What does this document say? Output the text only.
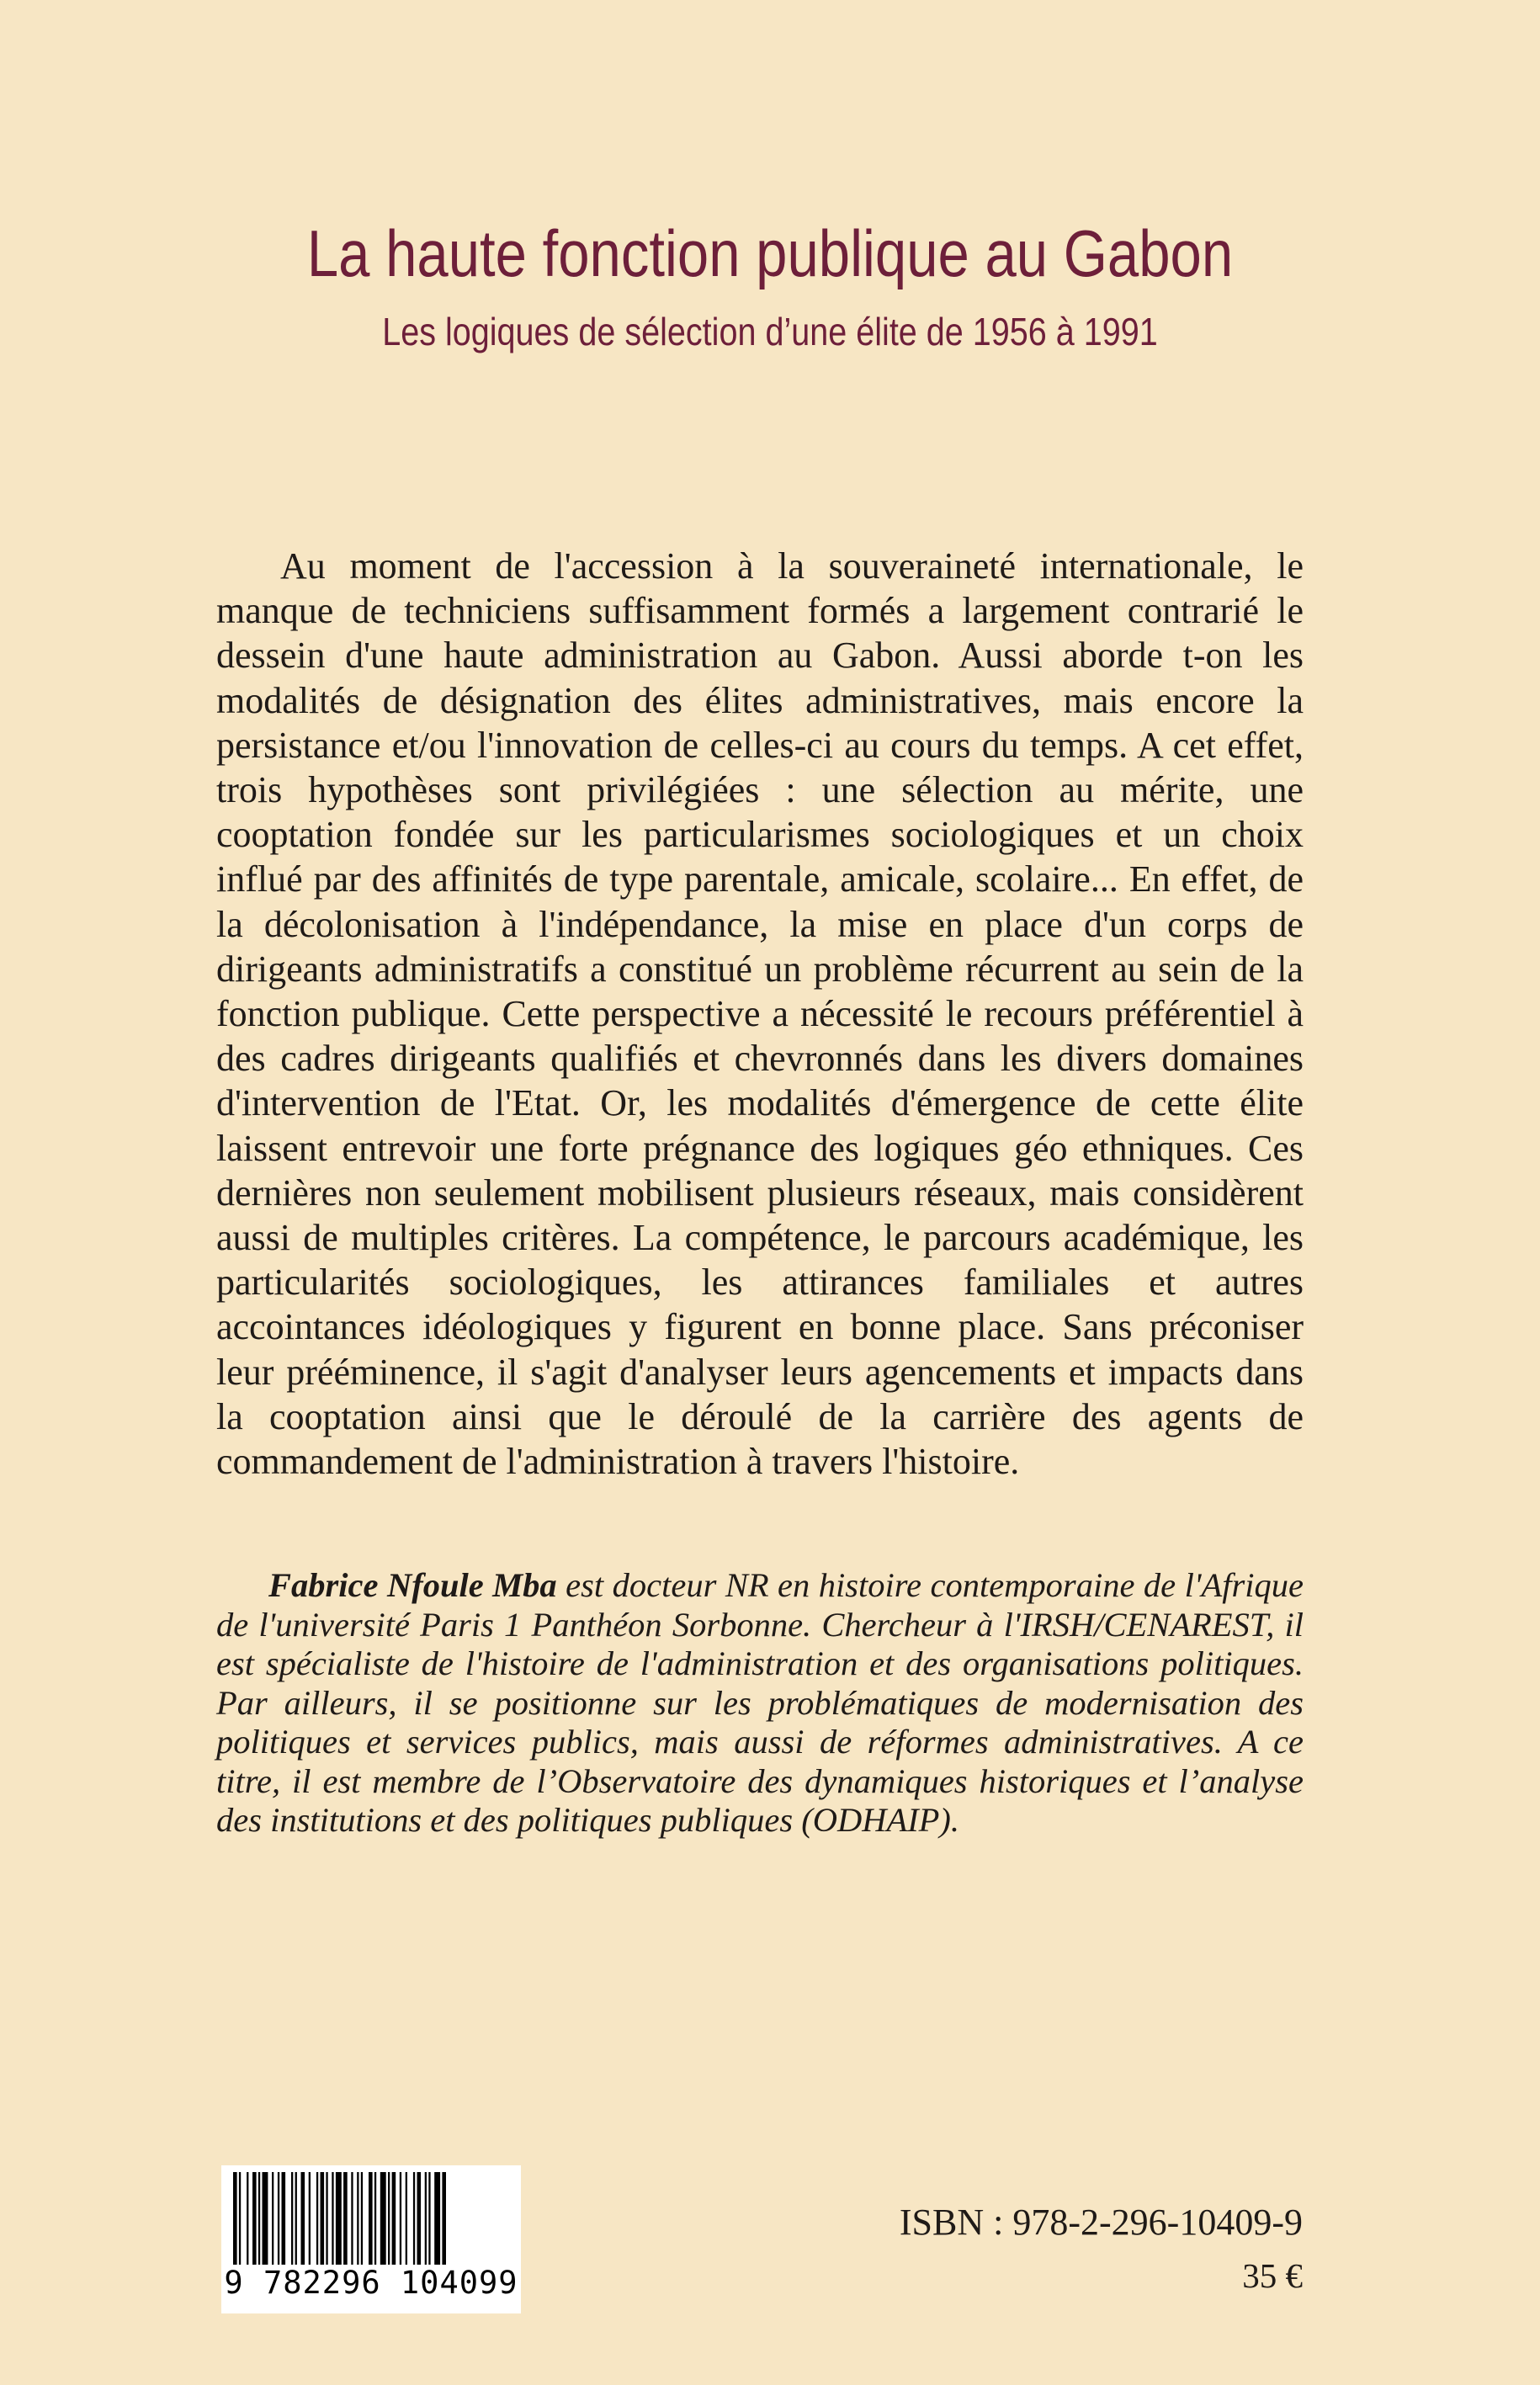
La haute fonction publique au Gabon
Les logiques de sélection d’une élite de 1956 à 1991

Au moment de l'accession à la souveraineté internationale, le manque de techniciens suffisamment formés a largement contrarié le dessein d'une haute administration au Gabon. Aussi aborde t-on les modalités de désignation des élites administratives, mais encore la persistance et/ou l'innovation de celles-ci au cours du temps. A cet effet, trois hypothèses sont privilégiées : une sélection au mérite, une cooptation fondée sur les particularismes sociologiques et un choix influé par des affinités de type parentale, amicale, scolaire... En effet, de la décolonisation à l'indépendance, la mise en place d'un corps de dirigeants administratifs a constitué un problème récurrent au sein de la fonction publique. Cette perspective a nécessité le recours préférentiel à des cadres dirigeants qualifiés et chevronnés dans les divers domaines d'intervention de l'Etat. Or, les modalités d'émergence de cette élite laissent entrevoir une forte prégnance des logiques géo ethniques. Ces dernières non seulement mobilisent plusieurs réseaux, mais considèrent aussi de multiples critères. La compétence, le parcours académique, les particularités sociologiques, les attirances familiales et autres accointances idéologiques y figurent en bonne place. Sans préconiser leur prééminence, il s'agit d'analyser leurs agencements et impacts dans la cooptation ainsi que le déroulé de la carrière des agents de commandement de l'administration à travers l'histoire.

Fabrice Nfoule Mba est docteur NR en histoire contemporaine de l'Afrique de l'université Paris 1 Panthéon Sorbonne. Chercheur à l'IRSH/CENAREST, il est spécialiste de l'histoire de l'administration et des organisations politiques. Par ailleurs, il se positionne sur les problématiques de modernisation des politiques et services publics, mais aussi de réformes administratives. A ce titre, il est membre de l’Observatoire des dynamiques historiques et l’analyse des institutions et des politiques publiques (ODHAIP).

9 782296 104099
ISBN : 978-2-296-10409-9
35 €
